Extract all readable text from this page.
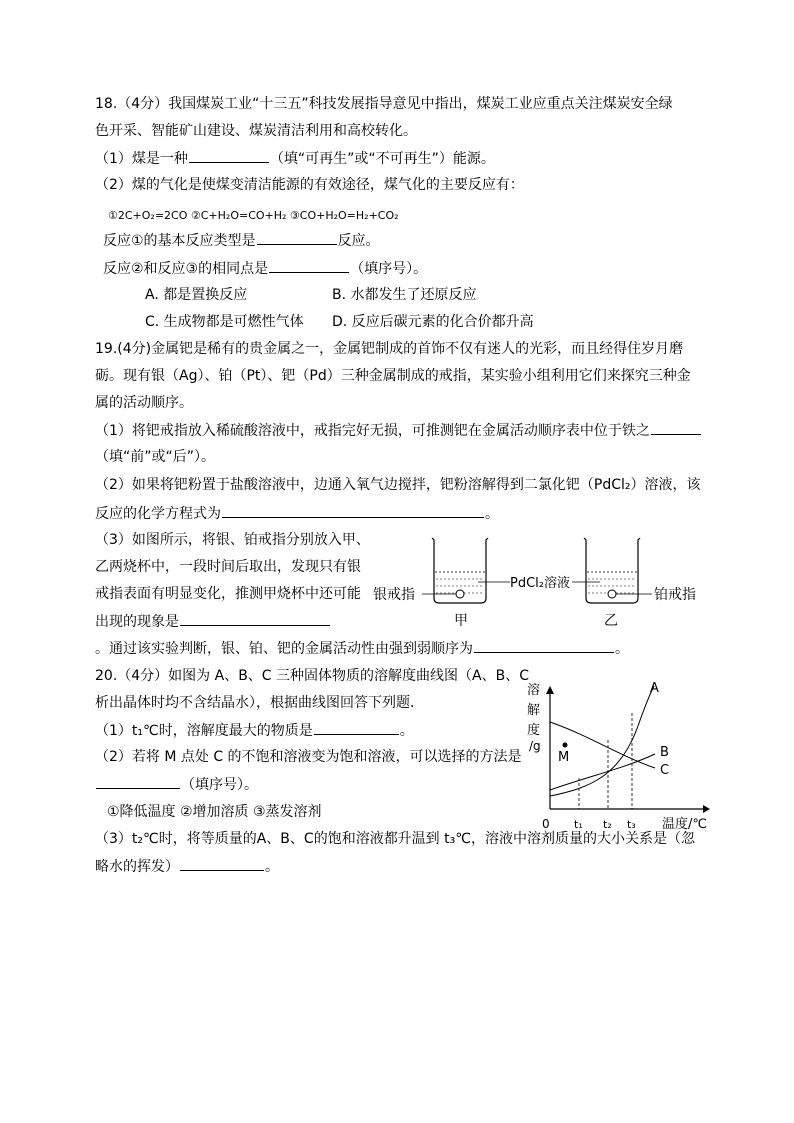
18.（4分）我国煤炭工业“十三五”科技发展指导意见中指出，煤炭工业应重点关注煤炭安全绿
色开采、智能矿山建设、煤炭清洁利用和高校转化。
（1）煤是一种	（填“可再生”或“不可再生”）能源。
（2）煤的气化是使煤变清洁能源的有效途径，煤气化的主要反应有：
①2C+O₂=2CO ②C+H₂O=CO+H₂ ③CO+H₂O=H₂+CO₂
反应①的基本反应类型是	反应。
反应②和反应③的相同点是	（填序号）。
A. 都是置换反应	B. 水都发生了还原反应
C. 生成物都是可燃性气体 D. 反应后碳元素的化合价都升高
19.(4分)金属钯是稀有的贵金属之一，金属钯制成的首饰不仅有迷人的光彩，而且经得住岁月磨
砺。现有银（Ag）、铂（Pt）、钯（Pd）三种金属制成的戒指，某实验小组利用它们来探究三种金
属的活动顺序。
（1）将钯戒指放入稀硫酸溶液中，戒指完好无损，可推测钯在金属活动顺序表中位于铁之
（填“前”或“后”）。
（2）如果将钯粉置于盐酸溶液中，边通入氧气边搅拌，钯粉溶解得到二氯化钯（PdCl₂）溶液，该
反应的化学方程式为	。
（3）如图所示，将银、铂戒指分别放入甲、
乙两烧杯中，一段时间后取出，发现只有银
戒指表面有明显变化，推测甲烧杯中还可能
出现的现象是
。通过该实验判断，银、铂、钯的金属活动性由强到弱顺序为	。
银戒指
PdCl₂溶液
铂戒指
甲	乙
20.（4分）如图为 A、B、C 三种固体物质的溶解度曲线图（A、B、C
析出晶体时均不含结晶水），根据曲线图回答下列题．
（1）t₁℃时，溶解度最大的物质是	。
（2）若将 M 点处 C 的不饱和溶液变为饱和溶液，可以选择的方法是
（填序号）。
①降低温度 ②增加溶质 ③蒸发溶剂
（3）t₂℃时，将等质量的A、B、C的饱和溶液都升温到 t₃℃，溶液中溶剂质量的大小关系是（忽
略水的挥发）	。
溶
解
度
/g
温度/℃
0
M
A
B
C
t₁ t₂ t₃
